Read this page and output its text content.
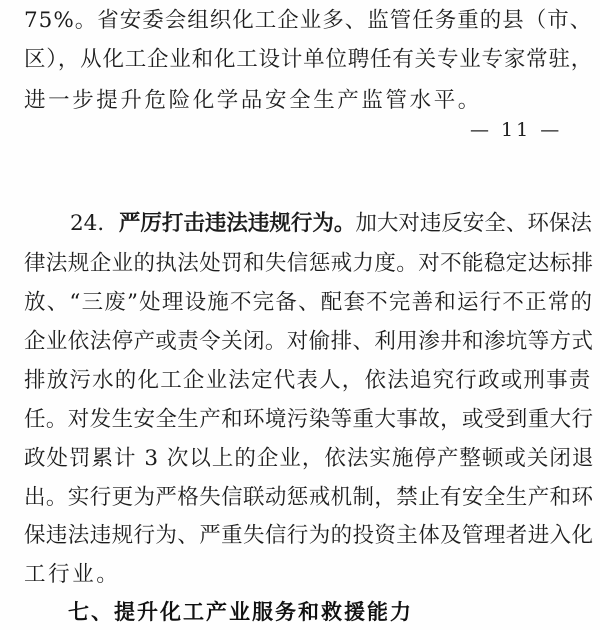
75%。省安委会组织化工企业多、监管任务重的县（市、
区），从化工企业和化工设计单位聘任有关专业专家常驻，
进一步提升危险化学品安全生产监管水平。
— 11 —
24．严厉打击违法违规行为。加大对违反安全、环保法
律法规企业的执法处罚和失信惩戒力度。对不能稳定达标排
放、“三废”处理设施不完备、配套不完善和运行不正常的
企业依法停产或责令关闭。对偷排、利用渗井和渗坑等方式
排放污水的化工企业法定代表人，依法追究行政或刑事责
任。对发生安全生产和环境污染等重大事故，或受到重大行
政处罚累计 3 次以上的企业，依法实施停产整顿或关闭退
出。实行更为严格失信联动惩戒机制，禁止有安全生产和环
保违法违规行为、严重失信行为的投资主体及管理者进入化
七、提升化工产业服务和救援能力
工行业。
